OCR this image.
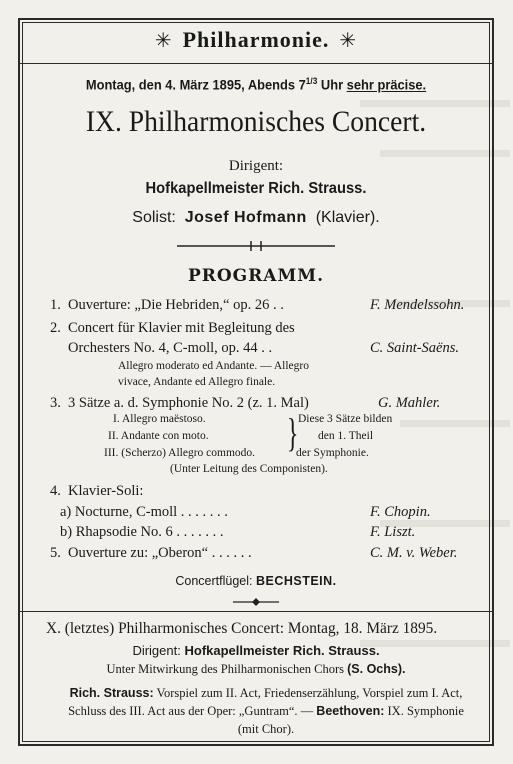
✳ Philharmonie. ✳
Montag, den 4. März 1895, Abends $7^{1/3}$ Uhr sehr präcise.
IX. Philharmonisches Concert.
Dirigent:
Hofkapellmeister Rich. Strauss.
Solist: Josef Hofmann (Klavier).
PROGRAMM.
1. Ouverture: „Die Hebriden,“ op. 26 . .	F. Mendelssohn.
2. Concert für Klavier mit Begleitung des
Orchesters No. 4, C-moll, op. 44 . .	C. Saint-Saëns.
Allegro moderato ed Andante. — Allegro
vivace, Andante ed Allegro finale.
3. 3 Sätze a. d. Symphonie No. 2 (z. 1. Mal)	G. Mahler.
I. Allegro maëstoso.
II. Andante con moto.
III. (Scherzo) Allegro commodo. } Diese 3 Sätze bilden
den 1. Theil
der Symphonie.
(Unter Leitung des Componisten).
4. Klavier-Soli:
a) Nocturne, C-moll . . . . . . .	F. Chopin.
b) Rhapsodie No. 6 . . . . . . .	F. Liszt.
5. Ouverture zu: „Oberon“ . . . . . .	C. M. v. Weber.
Concertflügel: BECHSTEIN.
X. (letztes) Philharmonisches Concert: Montag, 18. März 1895.
Dirigent: Hofkapellmeister Rich. Strauss.
Unter Mitwirkung des Philharmonischen Chors (S. Ochs).
Rich. Strauss: Vorspiel zum II. Act, Friedenserzählung, Vorspiel zum I. Act,
Schluss des III. Act aus der Oper: „Guntram“. — Beethoven: IX. Symphonie
(mit Chor).
